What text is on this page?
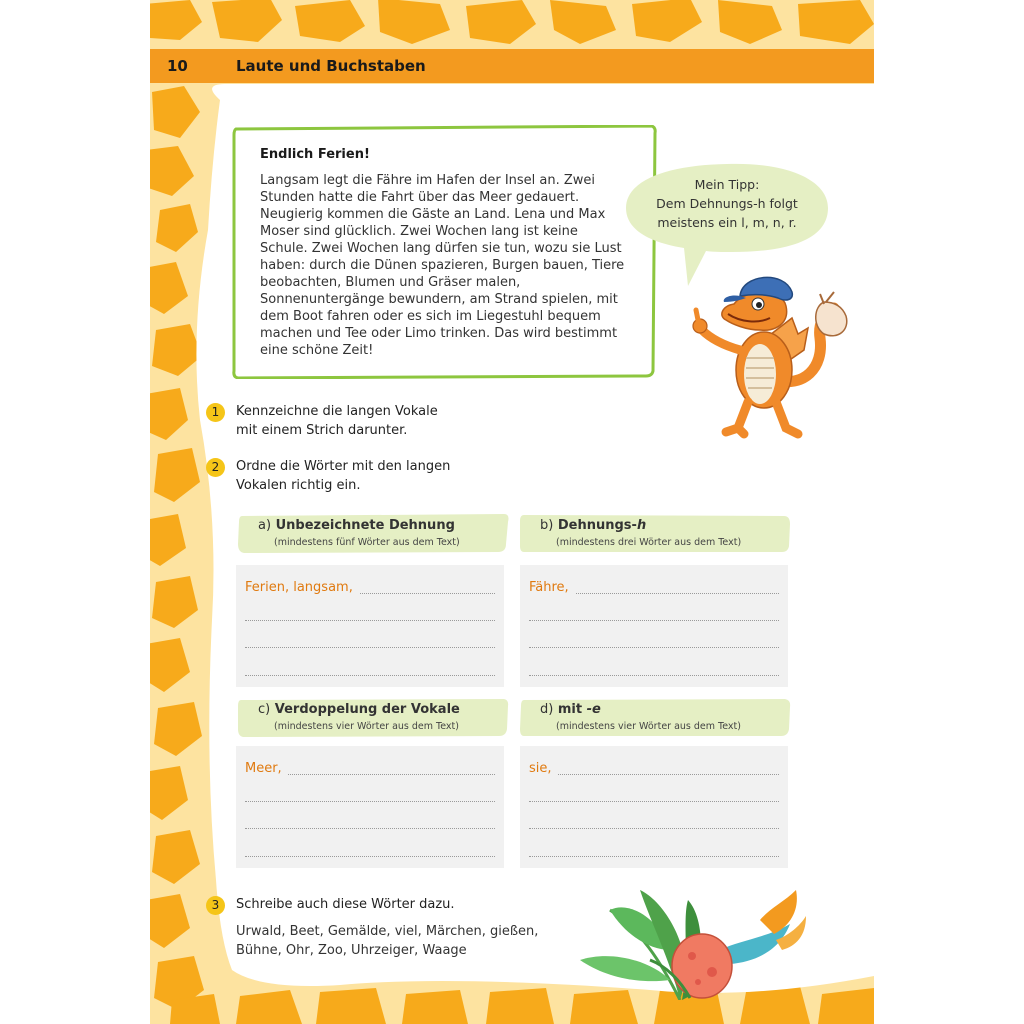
10	Laute und Buchstaben
Endlich Ferien!
Langsam legt die Fähre im Hafen der Insel an. Zwei Stunden hatte die Fahrt über das Meer gedauert. Neugierig kommen die Gäste an Land. Lena und Max Moser sind glücklich. Zwei Wochen lang ist keine Schule. Zwei Wochen lang dürfen sie tun, wozu sie Lust haben: durch die Dünen spazieren, Burgen bauen, Tiere beobachten, Blumen und Gräser malen, Sonnenuntergänge bewundern, am Strand spielen, mit dem Boot fahren oder es sich im Liegestuhl bequem machen und Tee oder Limo trinken. Das wird bestimmt eine schöne Zeit!
Mein Tipp:
Dem Dehnungs-h folgt
meistens ein l, m, n, r.
1	Kennzeichne die langen Vokale
mit einem Strich darunter.
2	Ordne die Wörter mit den langen
Vokalen richtig ein.
a) Unbezeichnete Dehnung
(mindestens fünf Wörter aus dem Text)
Ferien, langsam,
b) Dehnungs-h
(mindestens drei Wörter aus dem Text)
Fähre,
c) Verdoppelung der Vokale
(mindestens vier Wörter aus dem Text)
Meer,
d) mit -e
(mindestens vier Wörter aus dem Text)
sie,
3	Schreibe auch diese Wörter dazu.
Urwald, Beet, Gemälde, viel, Märchen, gießen, Bühne, Ohr, Zoo, Uhrzeiger, Waage
